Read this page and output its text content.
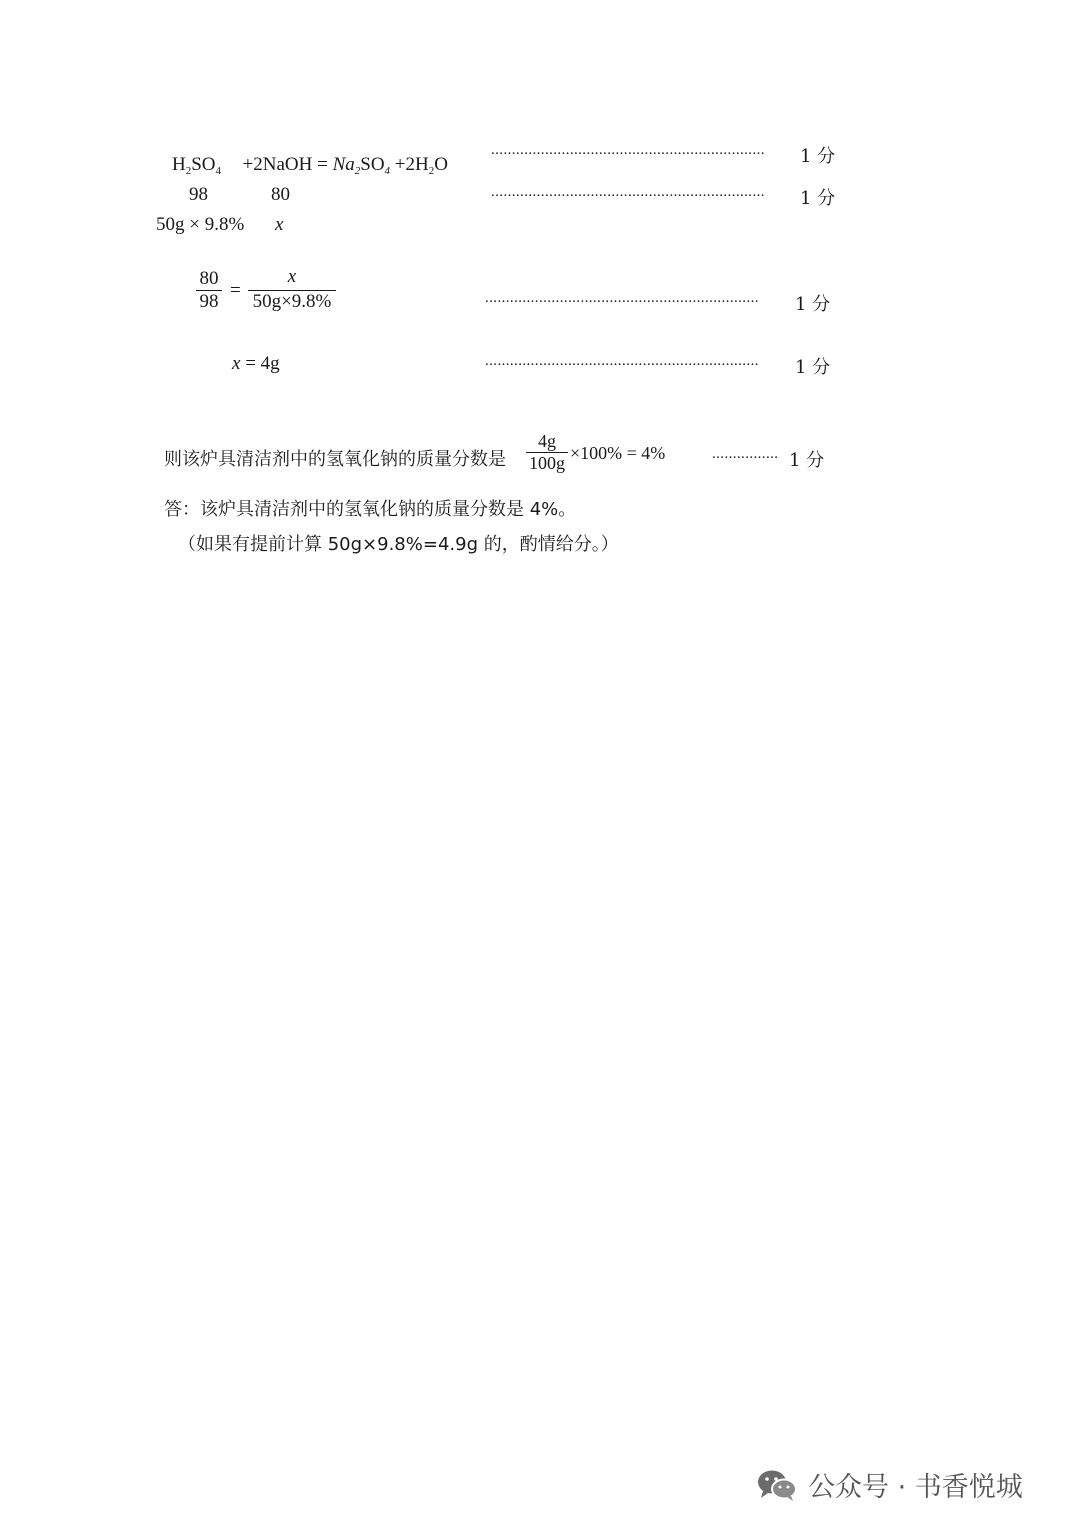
$H_2SO_4$ +2NaOH = $Na_2SO_4 +2H_2O$
.................................................................. 1 分
98	80	.................................................................. 1 分
50g × 9.8% x
80
98
=
x
50g×9.8%	.................................................................. 1 分
x = 4g	.................................................................. 1 分
则该炉具清洁剂中的氢氧化钠的质量分数是
4g
100g ×100% = 4%	................ 1 分
答：该炉具清洁剂中的氢氧化钠的质量分数是 4%。
（如果有提前计算 50g×9.8%=4.9g 的，酌情给分。）
公众号 · 书香悦城
